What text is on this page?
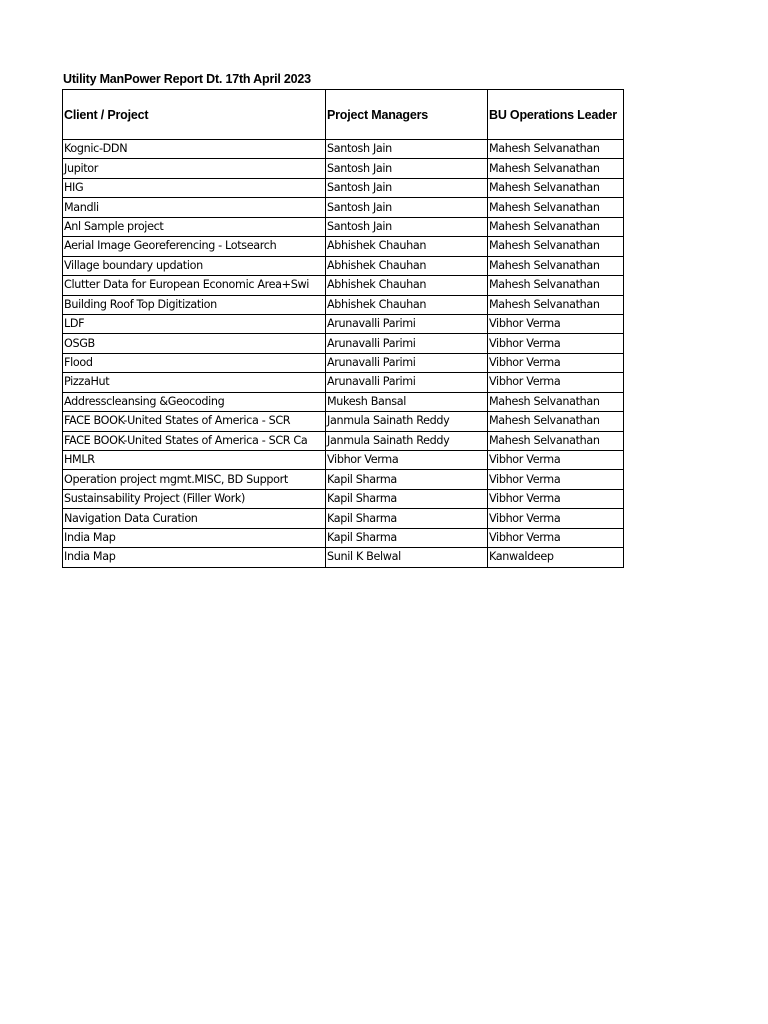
Utility ManPower Report Dt. 17th April 2023
Client / Project	Project Managers	BU Operations Leader
Kognic-DDN	Santosh Jain	Mahesh Selvanathan
Jupitor	Santosh Jain	Mahesh Selvanathan
HIG	Santosh Jain	Mahesh Selvanathan
Mandli	Santosh Jain	Mahesh Selvanathan
Anl Sample project	Santosh Jain	Mahesh Selvanathan
Aerial Image Georeferencing - Lotsearch	Abhishek Chauhan	Mahesh Selvanathan
Village boundary updation	Abhishek Chauhan	Mahesh Selvanathan
Clutter Data for European Economic Area+Swi	Abhishek Chauhan	Mahesh Selvanathan
Building Roof Top Digitization	Abhishek Chauhan	Mahesh Selvanathan
LDF	Arunavalli Parimi	Vibhor Verma
OSGB	Arunavalli Parimi	Vibhor Verma
Flood	Arunavalli Parimi	Vibhor Verma
PizzaHut	Arunavalli Parimi	Vibhor Verma
Addresscleansing &Geocoding	Mukesh Bansal	Mahesh Selvanathan
FACE BOOK-United States of America - SCR	Janmula Sainath Reddy	Mahesh Selvanathan
FACE BOOK-United States of America - SCR Ca	Janmula Sainath Reddy	Mahesh Selvanathan
HMLR	Vibhor Verma	Vibhor Verma
Operation project mgmt.MISC, BD Support	Kapil Sharma	Vibhor Verma
Sustainsability Project (Filler Work)	Kapil Sharma	Vibhor Verma
Navigation Data Curation	Kapil Sharma	Vibhor Verma
India Map	Kapil Sharma	Vibhor Verma
India Map	Sunil K Belwal	Kanwaldeep
